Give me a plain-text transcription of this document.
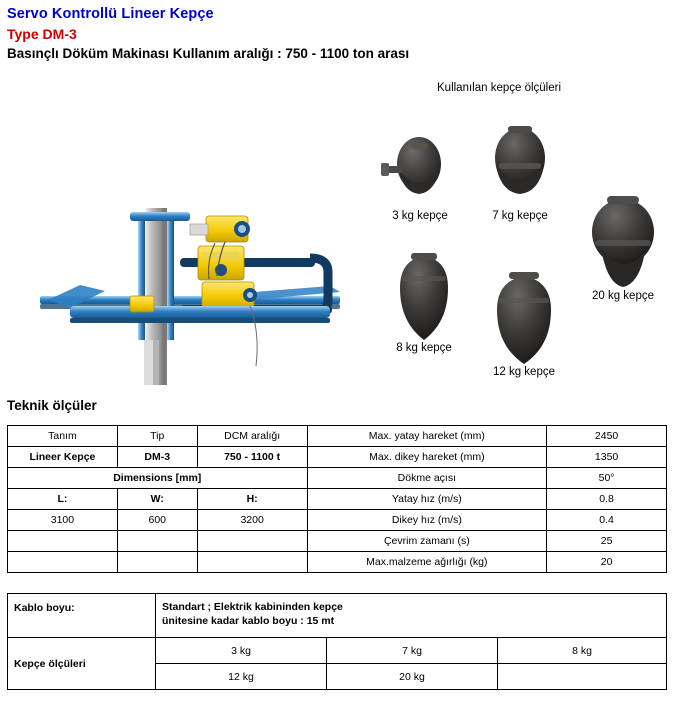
Servo Kontrollü Lineer Kepçe
Type DM-3
Basınçlı Döküm Makinası Kullanım aralığı : 750 - 1100 ton arası
Kullanılan kepçe ölçüleri
3 kg kepçe	7 kg kepçe
20 kg kepçe
8 kg kepçe
12 kg kepçe
Teknik ölçüler
Tanım	Tip	DCM aralığı	Max. yatay hareket (mm)	2450
Lineer Kepçe	DM-3	750 - 1100 t	Max. dikey hareket (mm)	1350
Dimensions [mm]			Dökme açısı	50°
L:	W:	H:	Yatay hız (m/s)	0.8
3100	600	3200	Dikey hız (m/s)	0.4
			Çevrim zamanı (s)	25
			Max.malzeme ağırlığı (kg)	20
Kablo boyu:	Standart ; Elektrik kabininden kepçe
ünitesine kadar kablo boyu : 15 mt		

Kepçe ölçüleri	3 kg	7 kg	8 kg
	12 kg	20 kg	
